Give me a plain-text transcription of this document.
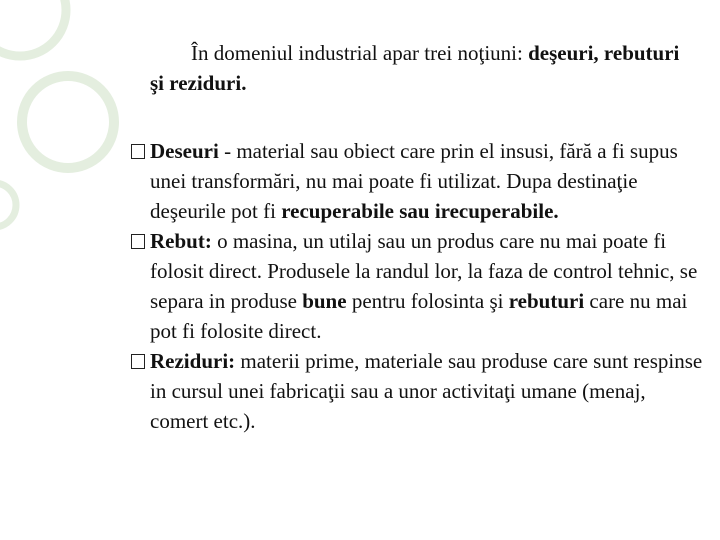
În domeniul industrial apar trei noţiuni: deşeuri, rebuturi şi reziduri.

Deseuri - material sau obiect care prin el insusi, fără a fi supus unei transformări, nu mai poate fi utilizat. Dupa destinaţie deşeurile pot fi recuperabile sau irecuperabile.

Rebut: o masina, un utilaj sau un produs care nu mai poate fi folosit direct. Produsele la randul lor, la faza de control tehnic, se separa in produse bune pentru folosinta şi rebuturi care nu mai pot fi folosite direct.

Reziduri: materii prime, materiale sau produse care sunt respinse in cursul unei fabricaţii sau a unor activitaţi umane (menaj, comert etc.).
